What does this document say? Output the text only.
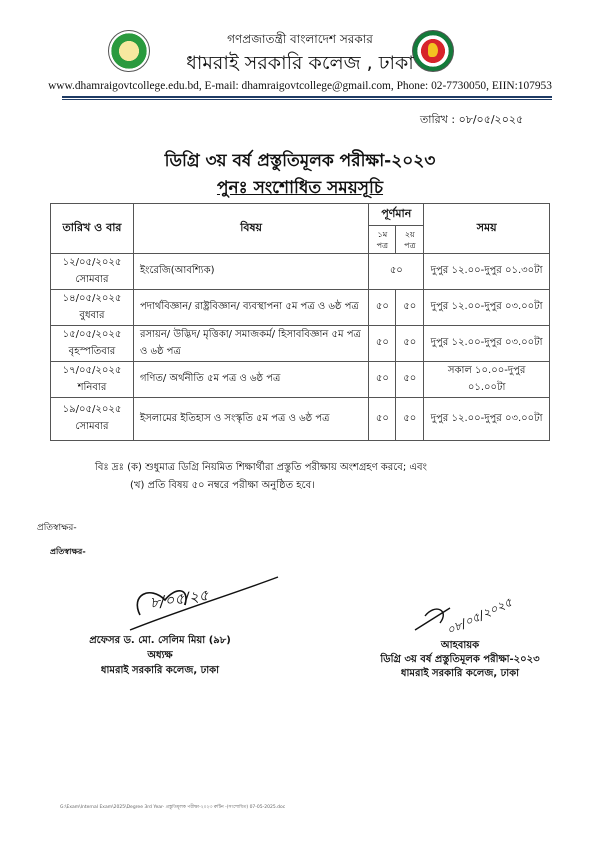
গণপ্রজাতন্ত্রী বাংলাদেশ সরকার
ধামরাই সরকারি কলেজ , ঢাকা
www.dhamraigovtcollege.edu.bd, E-mail: dhamraigovtcollege@gmail.com, Phone: 02-7730050, EIIN:107953
তারিখ : ০৮/০৫/২০২৫
ডিগ্রি ৩য় বর্ষ প্রস্তুতিমূলক পরীক্ষা-২০২৩
পুনঃ সংশোধিত সময়সূচি
তারিখ ও বার	বিষয়	পূর্ণমান		সময়
		১ম পত্র	২য় পত্র	

১২/০৫/২০২৫
সোমবার	ইংরেজি(আবশ্যিক)	৫০		দুপুর ১২.০০-দুপুর ০১.৩০টা

১৪/০৫/২০২৫
বুধবার	পদার্থবিজ্ঞান/ রাষ্ট্রবিজ্ঞান/ ব্যবস্থাপনা ৫ম পত্র ও ৬ষ্ঠ পত্র	৫০	৫০	দুপুর ১২.০০-দুপুর ০৩.০০টা

১৫/০৫/২০২৫
বৃহস্পতিবার	রসায়ন/ উদ্ভিদ/ মৃত্তিকা/ সমাজকর্ম/ হিসাববিজ্ঞান ৫ম পত্র ও ৬ষ্ঠ পত্র	৫০	৫০	দুপুর ১২.০০-দুপুর ০৩.০০টা

১৭/০৫/২০২৫
শনিবার	গণিত/ অর্থনীতি ৫ম পত্র ও ৬ষ্ঠ পত্র	৫০	৫০	সকাল ১০.০০-দুপুর ০১.০০টা

১৯/০৫/২০২৫
সোমবার	ইসলামের ইতিহাস ও সংস্কৃতি ৫ম পত্র ও ৬ষ্ঠ পত্র	৫০	৫০	দুপুর ১২.০০-দুপুর ০৩.০০টা
বিঃ দ্রঃ (ক) শুধুমাত্র ডিগ্রি নিয়মিত শিক্ষার্থীরা প্রস্তুতি পরীক্ষায় অংশগ্রহণ করবে; এবং
(খ) প্রতি বিষয় ৫০ নম্বরে পরীক্ষা অনুষ্ঠিত হবে।
প্রতিস্বাক্ষর-
প্রতিস্বাক্ষর-
৮/০৫/২৫
প্রফেসর ড. মো. সেলিম মিয়া (৯৮)
অধ্যক্ষ
ধামরাই সরকারি কলেজ, ঢাকা
০৮/০৫/২০২৫
আহবায়ক
ডিগ্রি ৩য় বর্ষ প্রস্তুতিমূলক পরীক্ষা-২০২৩
ধামরাই সরকারি কলেজ, ঢাকা
G:\Exam\Internal Exam\2025\Degree 3rd Year- প্রস্তুতিমূলক পরীক্ষা-২০২৩ রুটিন -(সংশোধিত) 07-05-2025.doc
